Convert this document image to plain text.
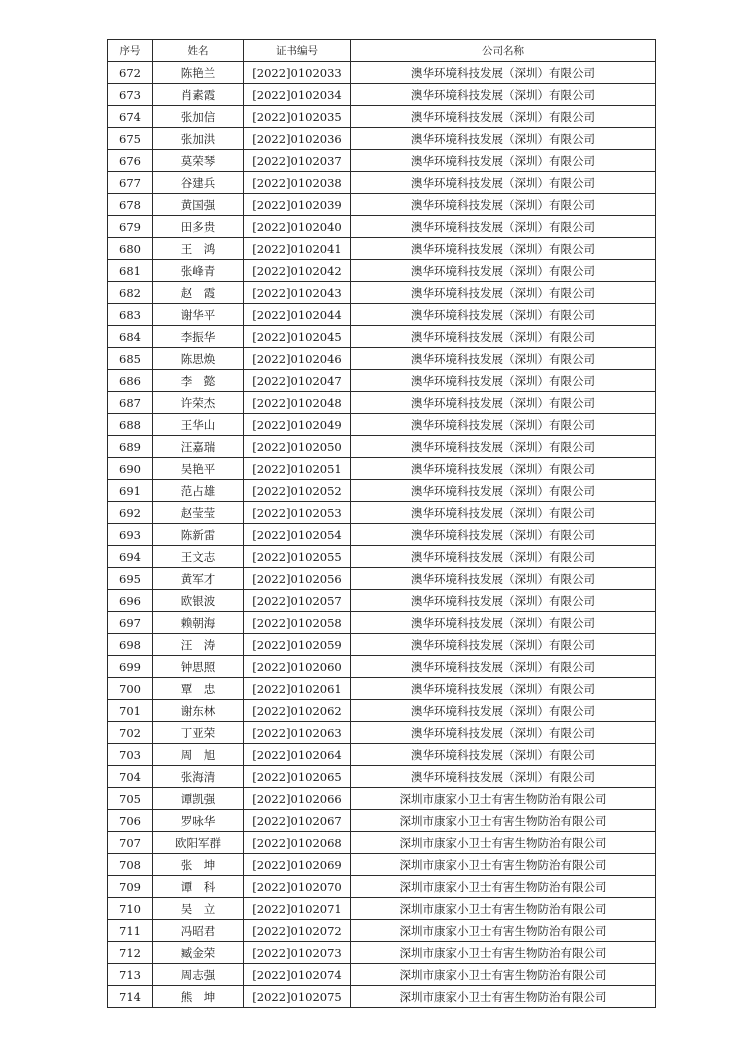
序号	姓名	证书编号	公司名称
672	陈艳兰	[2022]0102033	澳华环境科技发展（深圳）有限公司
673	肖素霞	[2022]0102034	澳华环境科技发展（深圳）有限公司
674	张加信	[2022]0102035	澳华环境科技发展（深圳）有限公司
675	张加洪	[2022]0102036	澳华环境科技发展（深圳）有限公司
676	莫荣琴	[2022]0102037	澳华环境科技发展（深圳）有限公司
677	谷建兵	[2022]0102038	澳华环境科技发展（深圳）有限公司
678	黄国强	[2022]0102039	澳华环境科技发展（深圳）有限公司
679	田多贵	[2022]0102040	澳华环境科技发展（深圳）有限公司
680	王　鸿	[2022]0102041	澳华环境科技发展（深圳）有限公司
681	张峰青	[2022]0102042	澳华环境科技发展（深圳）有限公司
682	赵　霞	[2022]0102043	澳华环境科技发展（深圳）有限公司
683	谢华平	[2022]0102044	澳华环境科技发展（深圳）有限公司
684	李振华	[2022]0102045	澳华环境科技发展（深圳）有限公司
685	陈思焕	[2022]0102046	澳华环境科技发展（深圳）有限公司
686	李　懿	[2022]0102047	澳华环境科技发展（深圳）有限公司
687	许荣杰	[2022]0102048	澳华环境科技发展（深圳）有限公司
688	王华山	[2022]0102049	澳华环境科技发展（深圳）有限公司
689	汪嘉瑞	[2022]0102050	澳华环境科技发展（深圳）有限公司
690	吴艳平	[2022]0102051	澳华环境科技发展（深圳）有限公司
691	范占雄	[2022]0102052	澳华环境科技发展（深圳）有限公司
692	赵莹莹	[2022]0102053	澳华环境科技发展（深圳）有限公司
693	陈新雷	[2022]0102054	澳华环境科技发展（深圳）有限公司
694	王文志	[2022]0102055	澳华环境科技发展（深圳）有限公司
695	黄军才	[2022]0102056	澳华环境科技发展（深圳）有限公司
696	欧银波	[2022]0102057	澳华环境科技发展（深圳）有限公司
697	赖朝海	[2022]0102058	澳华环境科技发展（深圳）有限公司
698	汪　涛	[2022]0102059	澳华环境科技发展（深圳）有限公司
699	钟思照	[2022]0102060	澳华环境科技发展（深圳）有限公司
700	覃　忠	[2022]0102061	澳华环境科技发展（深圳）有限公司
701	谢东林	[2022]0102062	澳华环境科技发展（深圳）有限公司
702	丁亚荣	[2022]0102063	澳华环境科技发展（深圳）有限公司
703	周　旭	[2022]0102064	澳华环境科技发展（深圳）有限公司
704	张海清	[2022]0102065	澳华环境科技发展（深圳）有限公司
705	谭凯强	[2022]0102066	深圳市康家小卫士有害生物防治有限公司
706	罗咏华	[2022]0102067	深圳市康家小卫士有害生物防治有限公司
707	欧阳军群	[2022]0102068	深圳市康家小卫士有害生物防治有限公司
708	张　坤	[2022]0102069	深圳市康家小卫士有害生物防治有限公司
709	谭　科	[2022]0102070	深圳市康家小卫士有害生物防治有限公司
710	吴　立	[2022]0102071	深圳市康家小卫士有害生物防治有限公司
711	冯昭君	[2022]0102072	深圳市康家小卫士有害生物防治有限公司
712	臧金荣	[2022]0102073	深圳市康家小卫士有害生物防治有限公司
713	周志强	[2022]0102074	深圳市康家小卫士有害生物防治有限公司
714	熊　坤	[2022]0102075	深圳市康家小卫士有害生物防治有限公司
